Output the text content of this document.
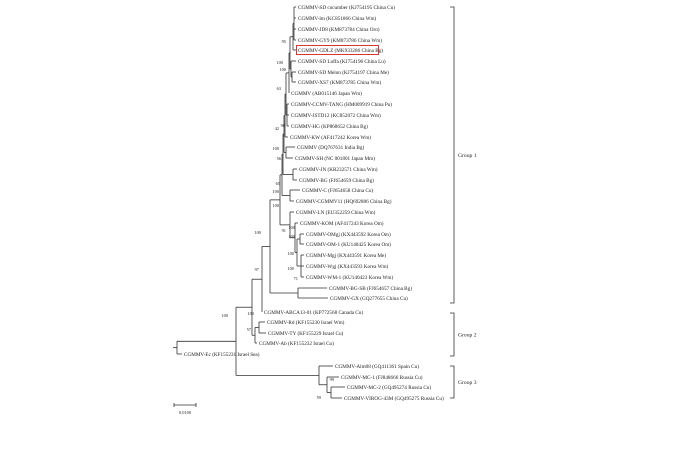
CGMMV-SD cucumber (KJ754195 China Cu)
CGMMV-lm (KC851866 China Wm)
CGMMV-JD8 (KM873784 China Oro)
CGMMV-GY9 (KM873786 China Wm)
CGMMV-GDLZ (MK933286 China Bg)
CGMMV-SD Luffa (KJ754196 China Lu)
CGMMV-SD Melon (KJ754197 China Me)
CGMMV-XS7 (KM873785 China Wm)
CGMMV (AB015146 Japan Wm)
CGMMV-CCMV-TANG (HM009919 China Pu)
CGMMV-JSTD12 (KC852072 China Wm)
CGMMV-HG (KP868652 China Bg)
CGMMV-KW (AF417242 Korea Wm)
CGMMV (DQ767631 India Bg)
CGMMV-SH (NC 001801 Japan Mm)
CGMMV-JN (KR232571 China Wm)
CGMMV-BG (FJ654659 China Bg)
CGMMV-C (FJ654658 China Cu)
CGMMV-CGMMV11 (HQ692886 China Bg)
CGMMV-LN (EU352259 China Wm)
CGMMV-KOM (AF417243 Korea Om)
CGMMV-OMgj (KX443592 Korea Om)
CGMMV-OM-1 (KU140425 Korea Om)
CGMMV-Mgj (KX443591 Korea Me)
CGMMV-Wgj (KX443593 Korea Wm)
CGMMV-WM-1 (KU140423 Korea Wm)
CGMMV-BG-SB (FJ654657 China Bg)
CGMMV-GX (GQ277655 China Cu)
CGMMV-ABCA13-01 (KP772568 Canada Cu)
CGMMV-Rd (KF155230 Israel Wm)
CGMMV-TY (KF155229 Israel Cu)
CGMMV-Ab (KF155232 Israel Cu)
CGMMV-Ec (KF155231 Israel Sea)
CGMMV-Alm08 (GQ411361 Spain Cu)
CGMMV-MC-1 (FJ848666 Russia Cu)
CGMMV-MC-2 (GQ495274 Russia Cu)
CGMMV-VIROG-43M (GQ495275 Russia Cu)
95
100
100
63
42
90
100
56
65
100
100
100
100
91
100
100
71
97
100
100
57
100
99
59
Group 1
Group 2
Group 3
0.0100
